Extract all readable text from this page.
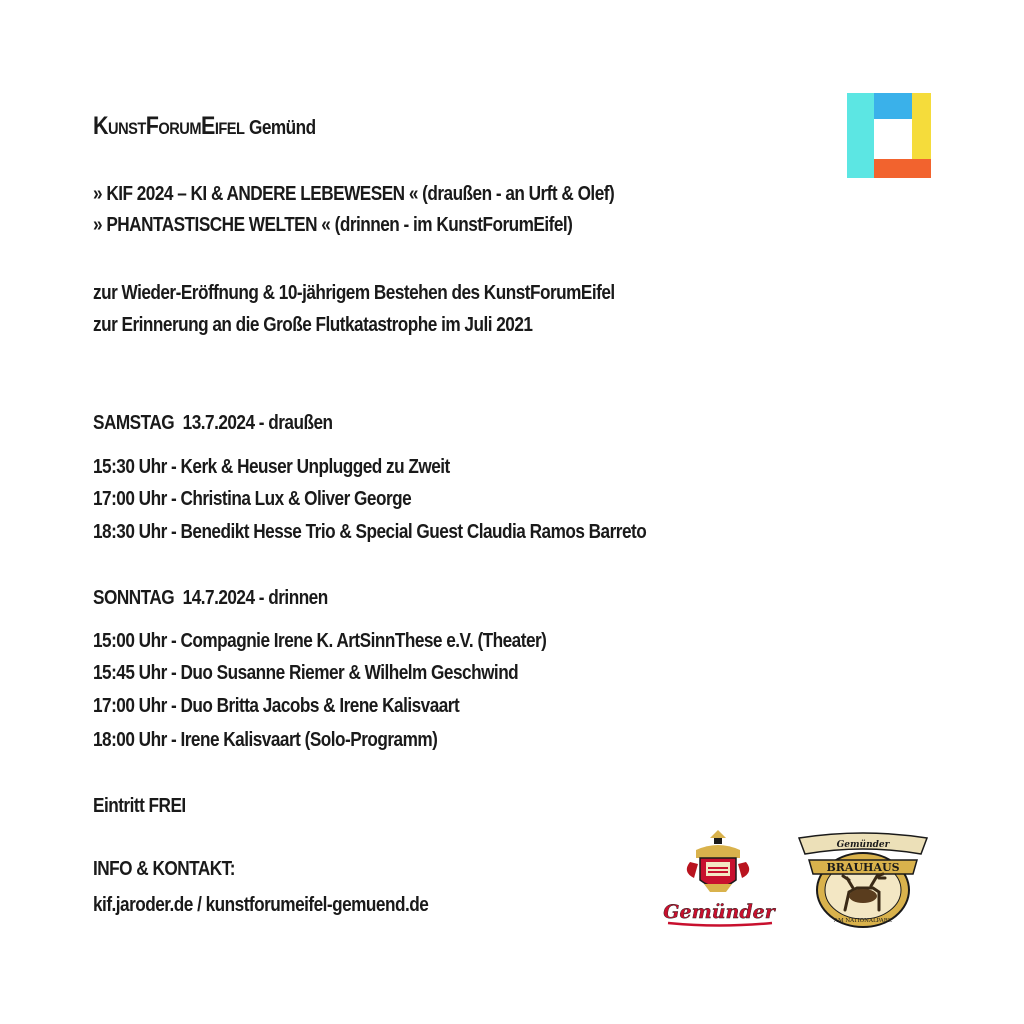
KUNSTFORUMEIFEL Gemünd

» KIF 2024 – KI & ANDERE LEBEWESEN « (draußen - an Urft & Olef)

» PHANTASTISCHE WELTEN « (drinnen - im KunstForumEifel)

zur Wieder-Eröffnung & 10-jährigem Bestehen des KunstForumEifel

zur Erinnerung an die Große Flutkatastrophe im Juli 2021

SAMSTAG 13.7.2024 - draußen

15:30 Uhr - Kerk & Heuser Unplugged zu Zweit

17:00 Uhr - Christina Lux & Oliver George

18:30 Uhr - Benedikt Hesse Trio & Special Guest Claudia Ramos Barreto

SONNTAG 14.7.2024 - drinnen

15:00 Uhr - Compagnie Irene K. ArtSinnThese e.V. (Theater)

15:45 Uhr - Duo Susanne Riemer & Wilhelm Geschwind

17:00 Uhr - Duo Britta Jacobs & Irene Kalisvaart

18:00 Uhr - Irene Kalisvaart (Solo-Programm)

Eintritt FREI

INFO & KONTAKT:

kif.jaroder.de / kunstforumeifel-gemuend.de	Gemünder
Gemünder
BRAUHAUS
AM NATIONALPARK
